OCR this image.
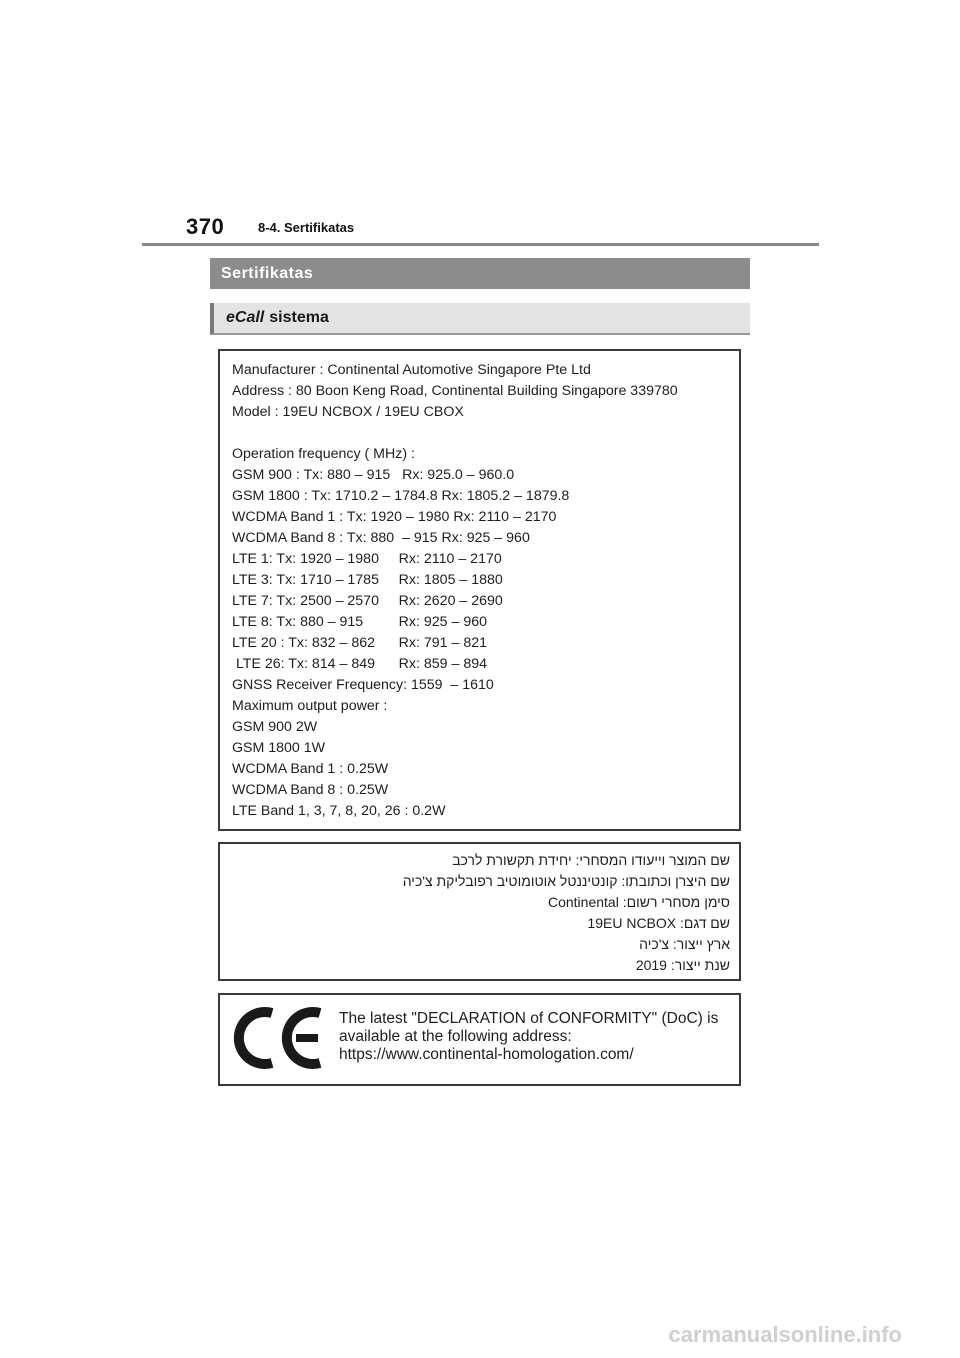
370	8-4. Sertifikatas
Sertifikatas
eCall sistema
Manufacturer : Continental Automotive Singapore Pte Ltd
Address : 80 Boon Keng Road, Continental Building Singapore 339780
Model : 19EU NCBOX / 19EU CBOX
Operation frequency ( MHz) :
GSM 900 : Tx: 880 – 915   Rx: 925.0 – 960.0
GSM 1800 : Tx: 1710.2 – 1784.8 Rx: 1805.2 – 1879.8
WCDMA Band 1 : Tx: 1920 – 1980 Rx: 2110 – 2170
WCDMA Band 8 : Tx: 880  – 915 Rx: 925 – 960
LTE 1: Tx: 1920 – 1980     Rx: 2110 – 2170
LTE 3: Tx: 1710 – 1785     Rx: 1805 – 1880
LTE 7: Tx: 2500 – 2570     Rx: 2620 – 2690
LTE 8: Tx: 880 – 915         Rx: 925 – 960
LTE 20 : Tx: 832 – 862      Rx: 791 – 821
LTE 26: Tx: 814 – 849      Rx: 859 – 894
GNSS Receiver Frequency: 1559  – 1610
Maximum output power :
GSM 900 2W
GSM 1800 1W
WCDMA Band 1 : 0.25W
WCDMA Band 8 : 0.25W
LTE Band 1, 3, 7, 8, 20, 26 : 0.2W
שם המוצר וייעודו המסחרי: יחידת תקשורת לרכב
שם היצרן וכתובתו: קונטיננטל אוטומוטיב רפובליקת צ'כיה
סימן מסחרי רשום: Continental
שם דגם: 19EU NCBOX
ארץ ייצור: צ'כיה
שנת ייצור: 2019
The latest "DECLARATION of CONFORMITY" (DoC) is
available at the following address:
https://www.continental-homologation.com/
carmanualsonline.info
